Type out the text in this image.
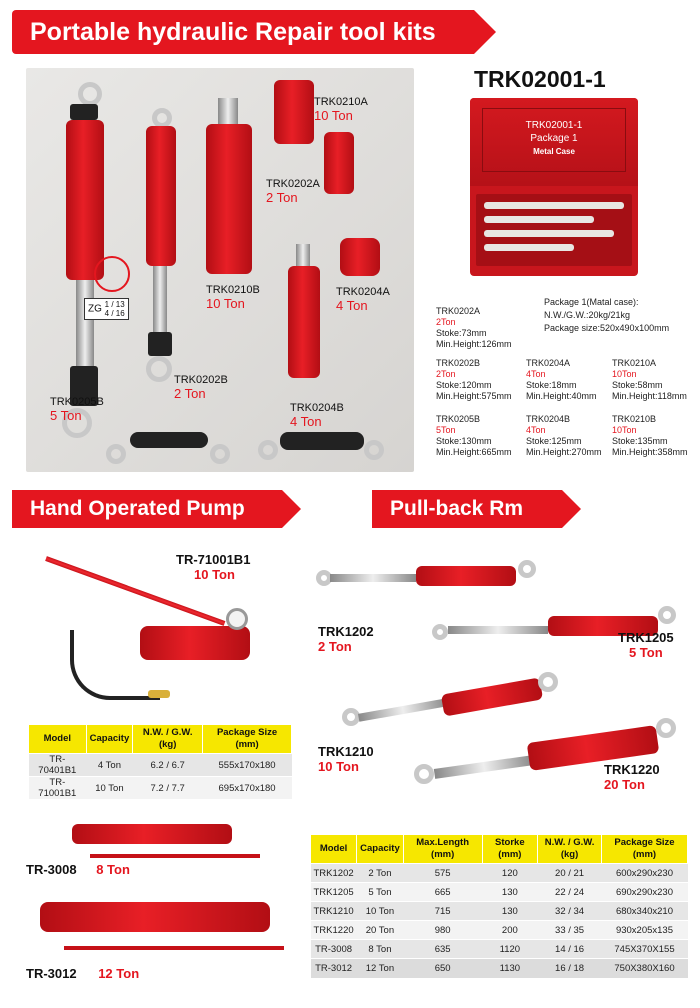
Portable hydraulic Repair tool kits
ZG 1 / 13
4 / 16
TRK0210A
10 Ton
TRK0202A
2 Ton
TRK0210B
10 Ton
TRK0204A
4 Ton
TRK0202B
2 Ton
TRK0205B
5 Ton	TRK0204B
4 Ton
TRK02001-1
TRK02001-1
Package 1
Metal Case
TRK0202A
2Ton
Stoke:73mm
Min.Height:126mm
Package 1(Matal case):
N.W./G.W.:20kg/21kg
Package size:520x490x100mm
TRK0202B
2Ton
Stoke:120mm
Min.Height:575mm
TRK0204A
4Ton
Stoke:18mm
Min.Height:40mm
TRK0210A
10Ton
Stoke:58mm
Min.Height:118mm
TRK0205B
5Ton
Stoke:130mm
Min.Height:665mm
TRK0204B
4Ton
Stoke:125mm
Min.Height:270mm
TRK0210B
10Ton
Stoke:135mm
Min.Height:358mm
Hand Operated Pump	Pull-back Rm
TR-71001B1
10 Ton
Model	Capacity	N.W. / G.W. (kg)	Package Size (mm)
TR-70401B1	4 Ton	6.2 / 6.7	555x170x180
TR-71001B1	10 Ton	7.2 / 7.7	695x170x180
TR-3008 8 Ton
TR-3012 12 Ton
TRK1202
2 Ton
TRK1205
5 Ton
TRK1210
10 Ton	TRK1220
20 Ton
Model	Capacity	Max.Length (mm)	Storke (mm)	N.W. / G.W. (kg)	Package Size (mm)
TRK1202	2 Ton	575	120	20 / 21	600x290x230
TRK1205	5 Ton	665	130	22 / 24	690x290x230
TRK1210	10 Ton	715	130	32 / 34	680x340x210
TRK1220	20 Ton	980	200	33 / 35	930x205x135
TR-3008	8 Ton	635	1120	14 / 16	745X370X155
TR-3012	12 Ton	650	1130	16 / 18	750X380X160
